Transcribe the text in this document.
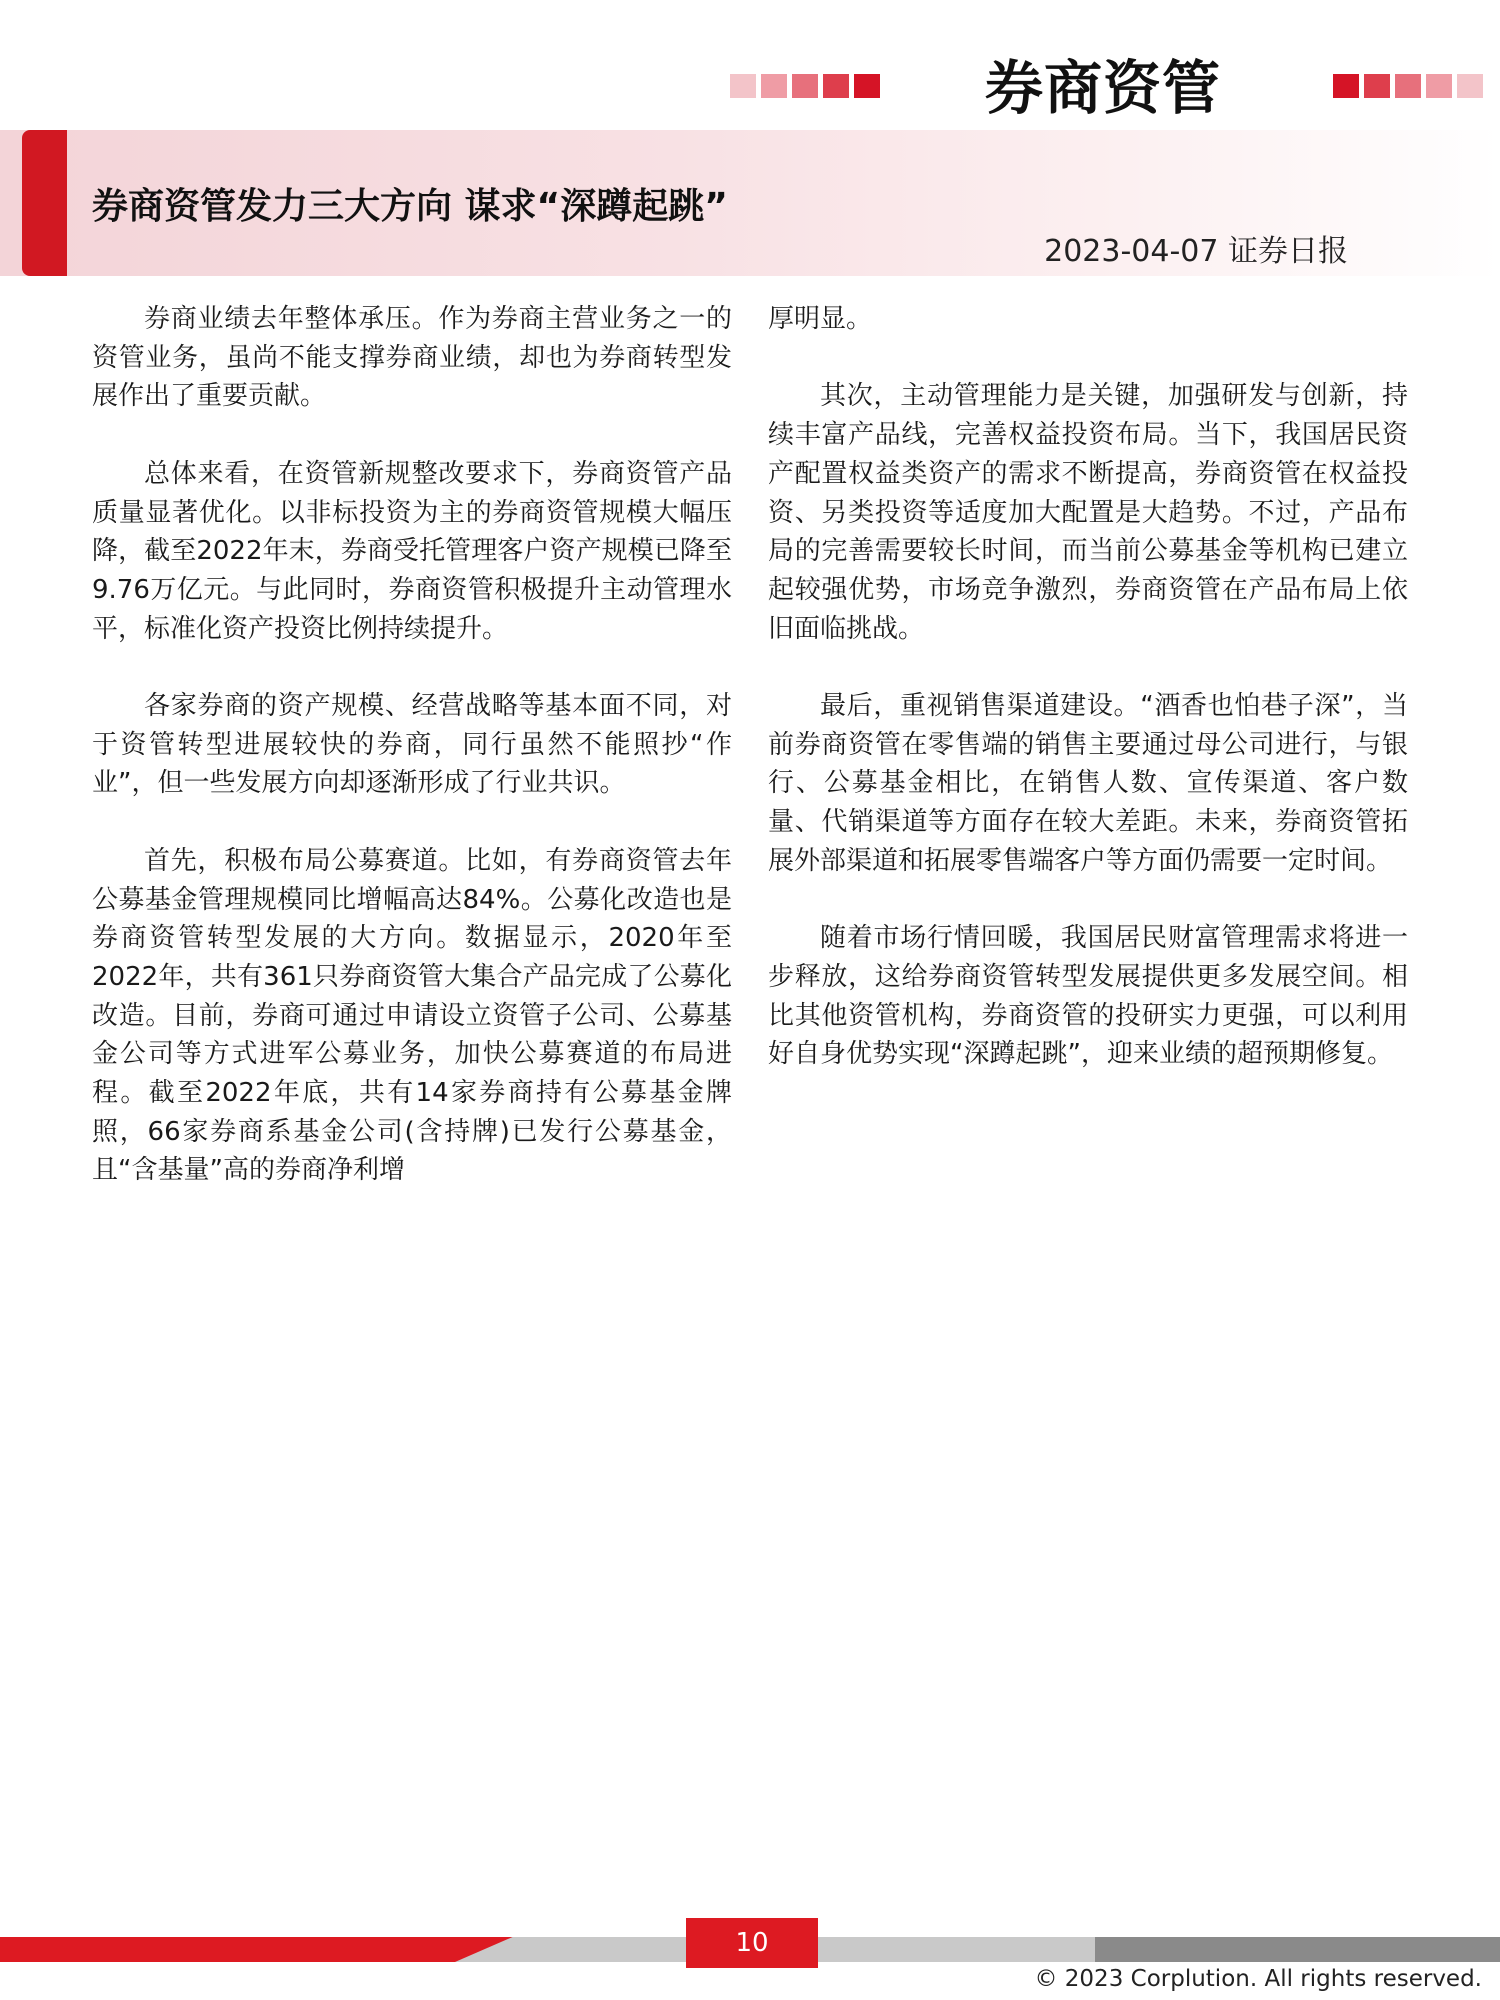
券商资管
券商资管发力三大方向 谋求“深蹲起跳”
2023-04-07 证券日报

券商业绩去年整体承压。作为券商主营业务之一的资管业务，虽尚不能支撑券商业绩，却也为券商转型发展作出了重要贡献。

总体来看，在资管新规整改要求下，券商资管产品质量显著优化。以非标投资为主的券商资管规模大幅压降，截至2022年末，券商受托管理客户资产规模已降至9.76万亿元。与此同时，券商资管积极提升主动管理水平，标准化资产投资比例持续提升。

各家券商的资产规模、经营战略等基本面不同，对于资管转型进展较快的券商，同行虽然不能照抄“作业”，但一些发展方向却逐渐形成了行业共识。

首先，积极布局公募赛道。比如，有券商资管去年公募基金管理规模同比增幅高达84%。公募化改造也是券商资管转型发展的大方向。数据显示，2020年至2022年，共有361只券商资管大集合产品完成了公募化改造。目前，券商可通过申请设立资管子公司、公募基金公司等方式进军公募业务，加快公募赛道的布局进程。截至2022年底，共有14家券商持有公募基金牌照，66家券商系基金公司(含持牌)已发行公募基金，且“含基量”高的券商净利增

厚明显。

其次，主动管理能力是关键，加强研发与创新，持续丰富产品线，完善权益投资布局。当下，我国居民资产配置权益类资产的需求不断提高，券商资管在权益投资、另类投资等适度加大配置是大趋势。不过，产品布局的完善需要较长时间，而当前公募基金等机构已建立起较强优势，市场竞争激烈，券商资管在产品布局上依旧面临挑战。

最后，重视销售渠道建设。“酒香也怕巷子深”，当前券商资管在零售端的销售主要通过母公司进行，与银行、公募基金相比，在销售人数、宣传渠道、客户数量、代销渠道等方面存在较大差距。未来，券商资管拓展外部渠道和拓展零售端客户等方面仍需要一定时间。

随着市场行情回暖，我国居民财富管理需求将进一步释放，这给券商资管转型发展提供更多发展空间。相比其他资管机构，券商资管的投研实力更强，可以利用好自身优势实现“深蹲起跳”，迎来业绩的超预期修复。

10
© 2023 Corplution. All rights reserved.
